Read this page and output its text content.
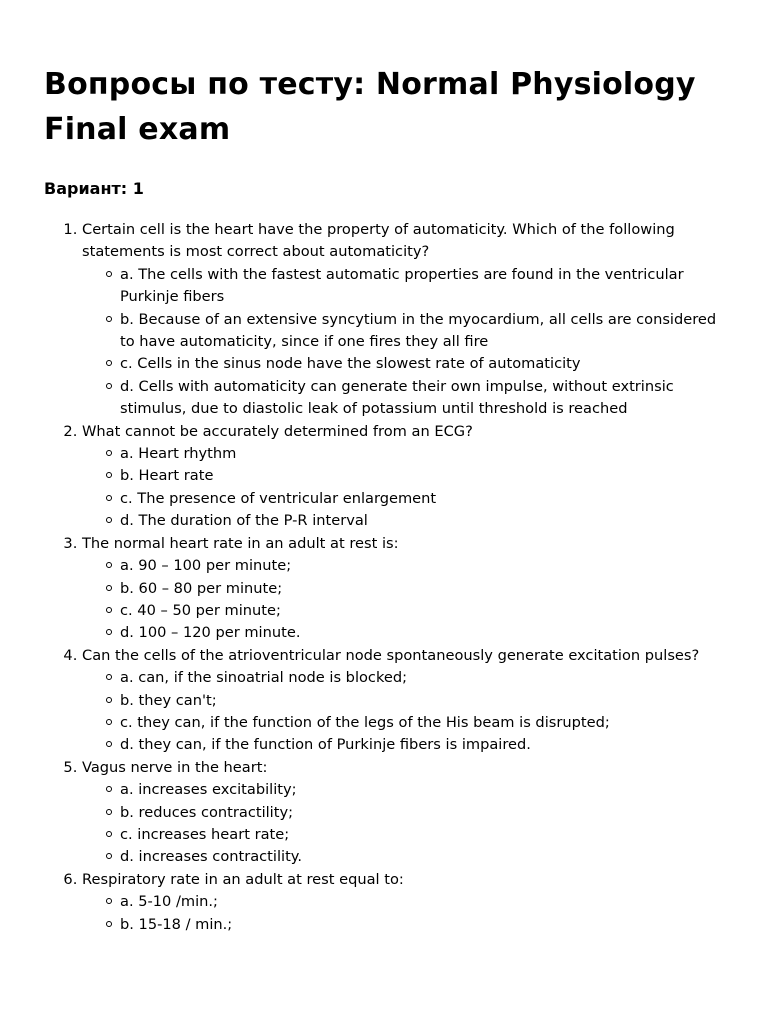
Вопросы по тесту: Normal Physiology Final exam
Вариант: 1
1. Certain cell is the heart have the property of automaticity. Which of the following statements is most correct about automaticity?
a. The cells with the fastest automatic properties are found in the ventricular Purkinje fibers
b. Because of an extensive syncytium in the myocardium, all cells are considered to have automaticity, since if one fires they all fire
c. Cells in the sinus node have the slowest rate of automaticity
d. Cells with automaticity can generate their own impulse, without extrinsic stimulus, due to diastolic leak of potassium until threshold is reached
2. What cannot be accurately determined from an ECG?
a. Heart rhythm
b. Heart rate
c. The presence of ventricular enlargement
d. The duration of the P-R interval
3. The normal heart rate in an adult at rest is:
a. 90 – 100 per minute;
b. 60 – 80 per minute;
c. 40 – 50 per minute;
d. 100 – 120 per minute.
4. Can the cells of the atrioventricular node spontaneously generate excitation pulses?
a. can, if the sinoatrial node is blocked;
b. they can't;
c. they can, if the function of the legs of the His beam is disrupted;
d. they can, if the function of Purkinje fibers is impaired.
5. Vagus nerve in the heart:
a. increases excitability;
b. reduces contractility;
c. increases heart rate;
d. increases contractility.
6. Respiratory rate in an adult at rest equal to:
a. 5-10 /min.;
b. 15-18 / min.;
